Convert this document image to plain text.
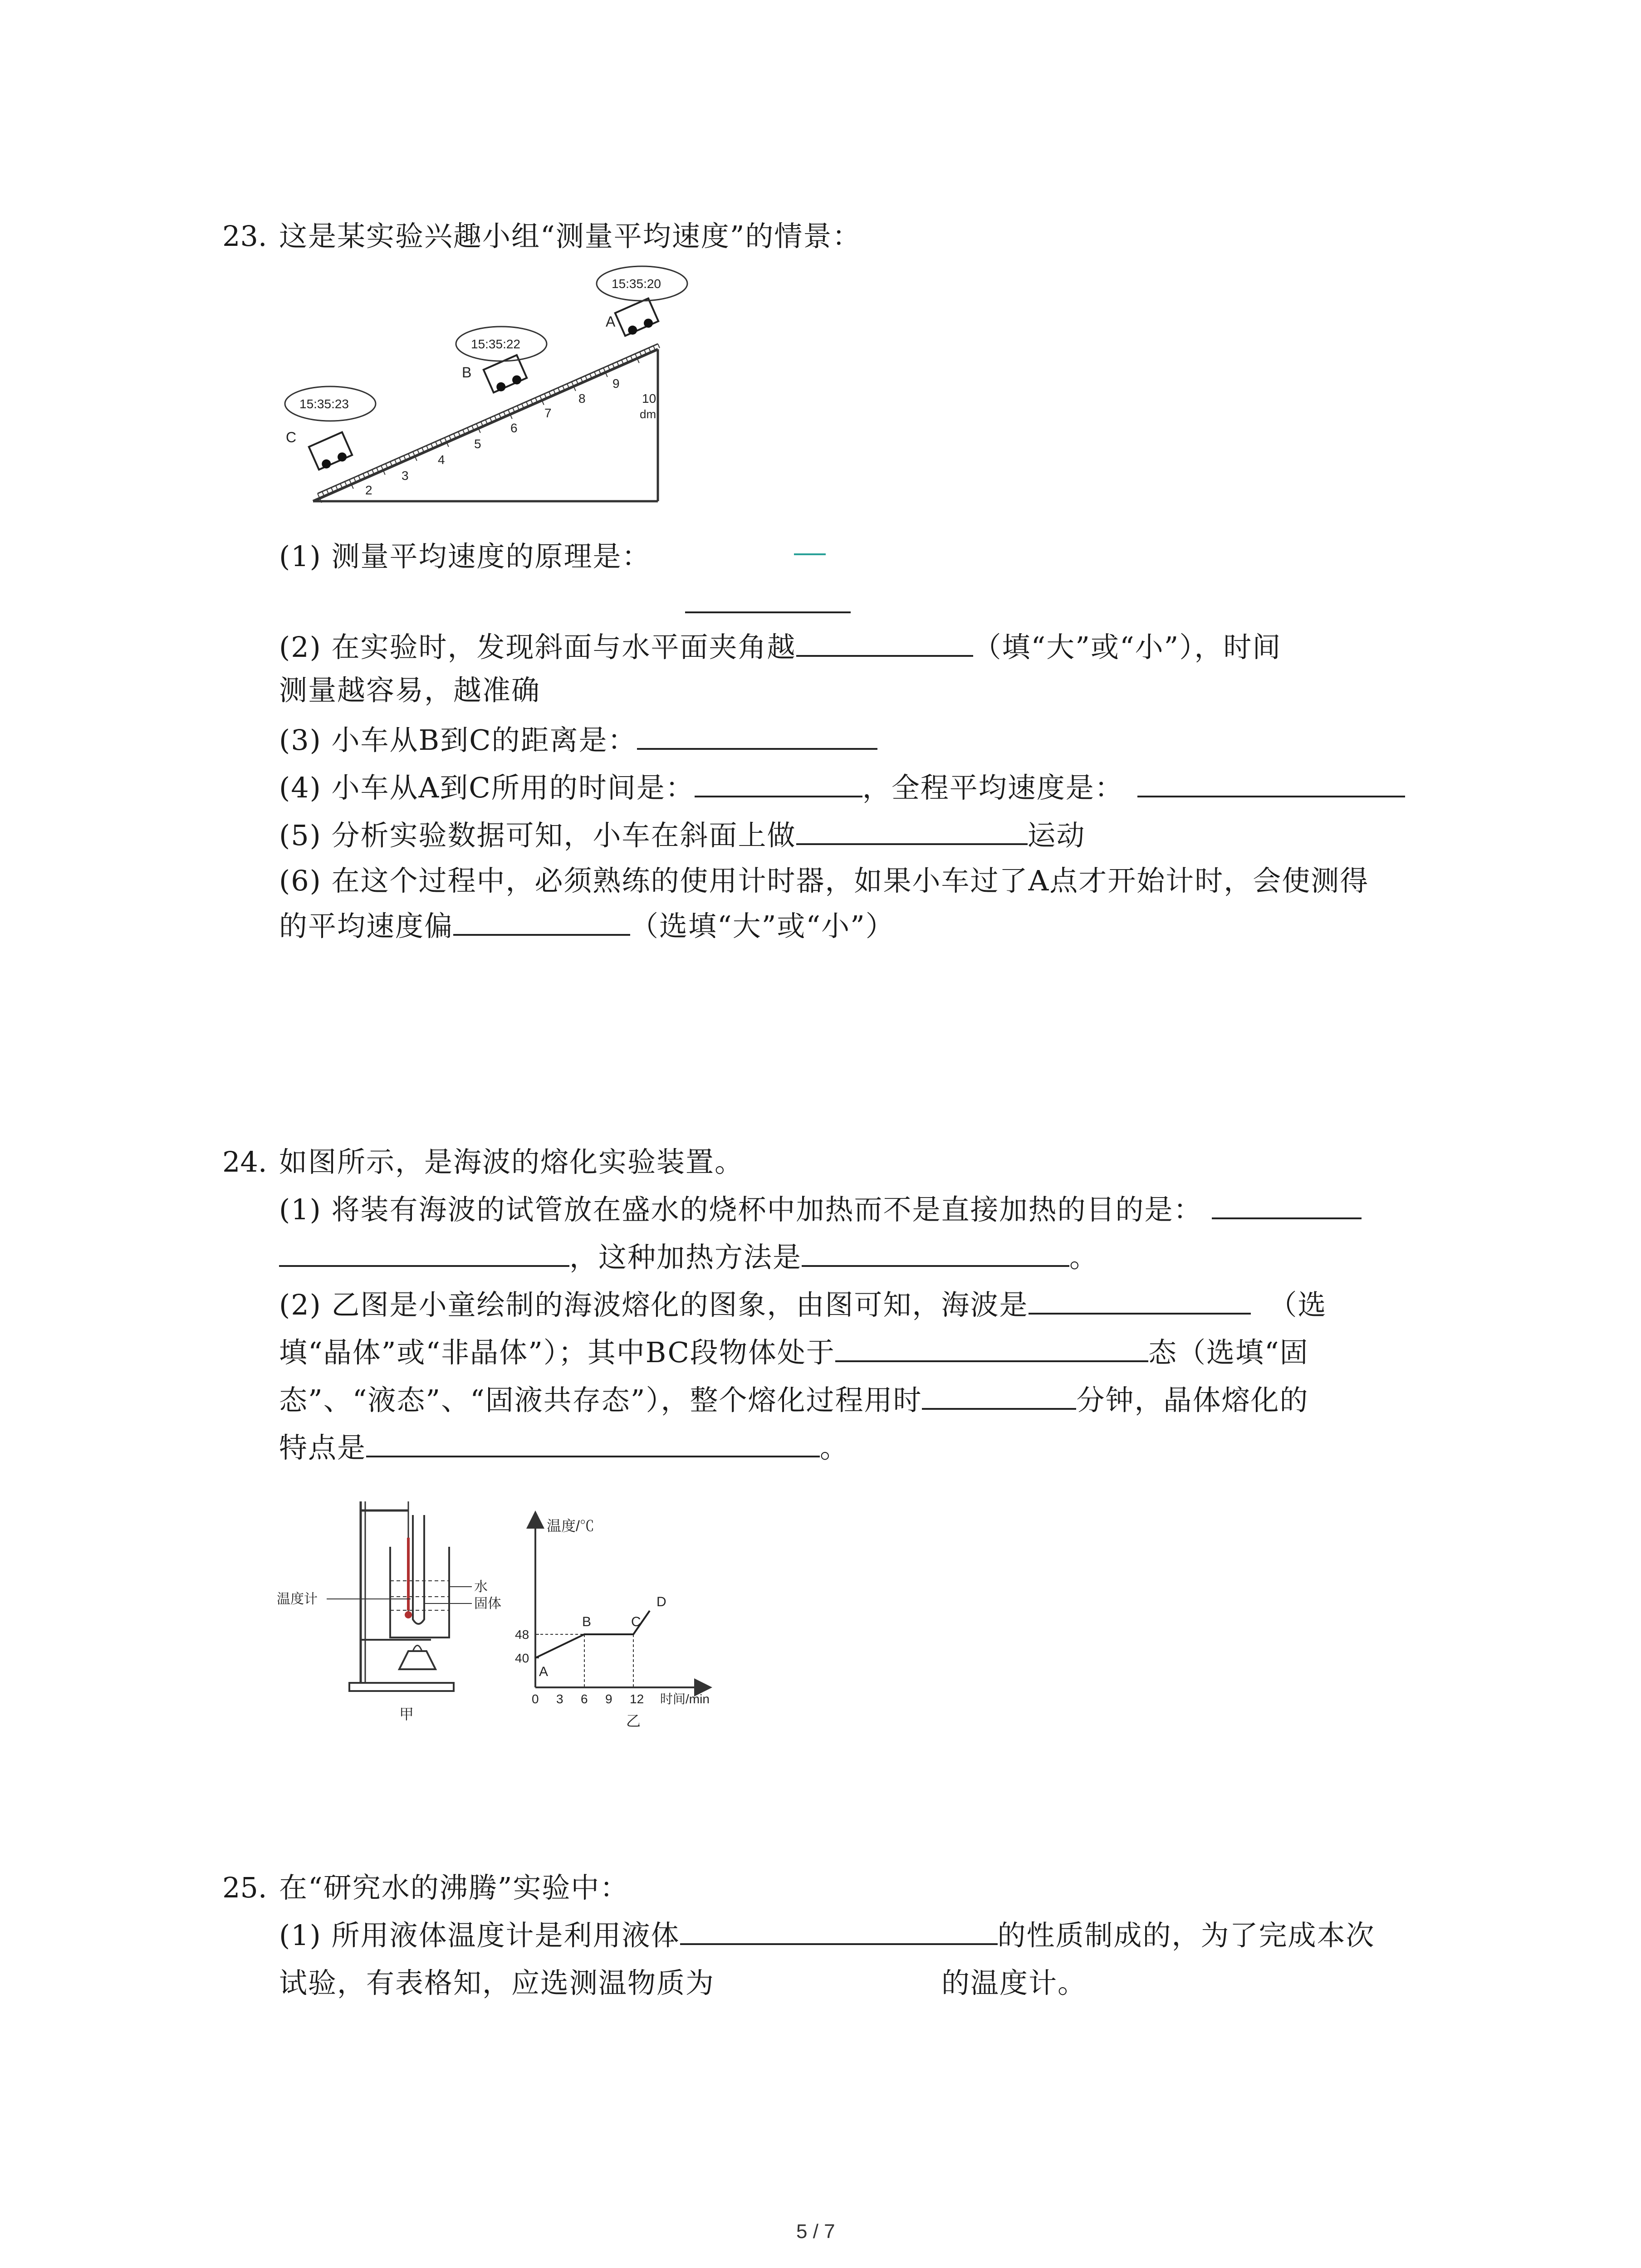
23. 这是某实验兴趣小组“测量平均速度”的情景：
2
3
4
5
6
7
8
9
10
dm
C
B
A
15:35:23
15:35:22
15:35:20
(1) 测量平均速度的原理是：
(2) 在实验时，发现斜面与水平面夹角越	（填“大”或“小”），时间
测量越容易，越准确
(3) 小车从B到C的距离是：
(4) 小车从A到C所用的时间是：	，全程平均速度是：
(5) 分析实验数据可知，小车在斜面上做	运动
(6) 在这个过程中，必须熟练的使用计时器，如果小车过了A点才开始计时，会使测得
的平均速度偏	（选填“大”或“小”）
24. 如图所示，是海波的熔化实验装置。
(1) 将装有海波的试管放在盛水的烧杯中加热而不是直接加热的目的是：
，这种加热方法是	。
(2) 乙图是小童绘制的海波熔化的图象，由图可知，海波是	（选
填“晶体”或“非晶体”）；其中BC段物体处于	态（选填“固
态”、“液态”、“固液共存态”），整个熔化过程用时	分钟，晶体熔化的
特点是	。
温度计
水
固体
甲
温度/℃
时间/min
乙
0 3 6 9 12
40
48
A
B	C
D
25. 在“研究水的沸腾”实验中：
(1) 所用液体温度计是利用液体	的性质制成的，为了完成本次
试验，有表格知，应选测温物质为	的温度计。
5 / 7
